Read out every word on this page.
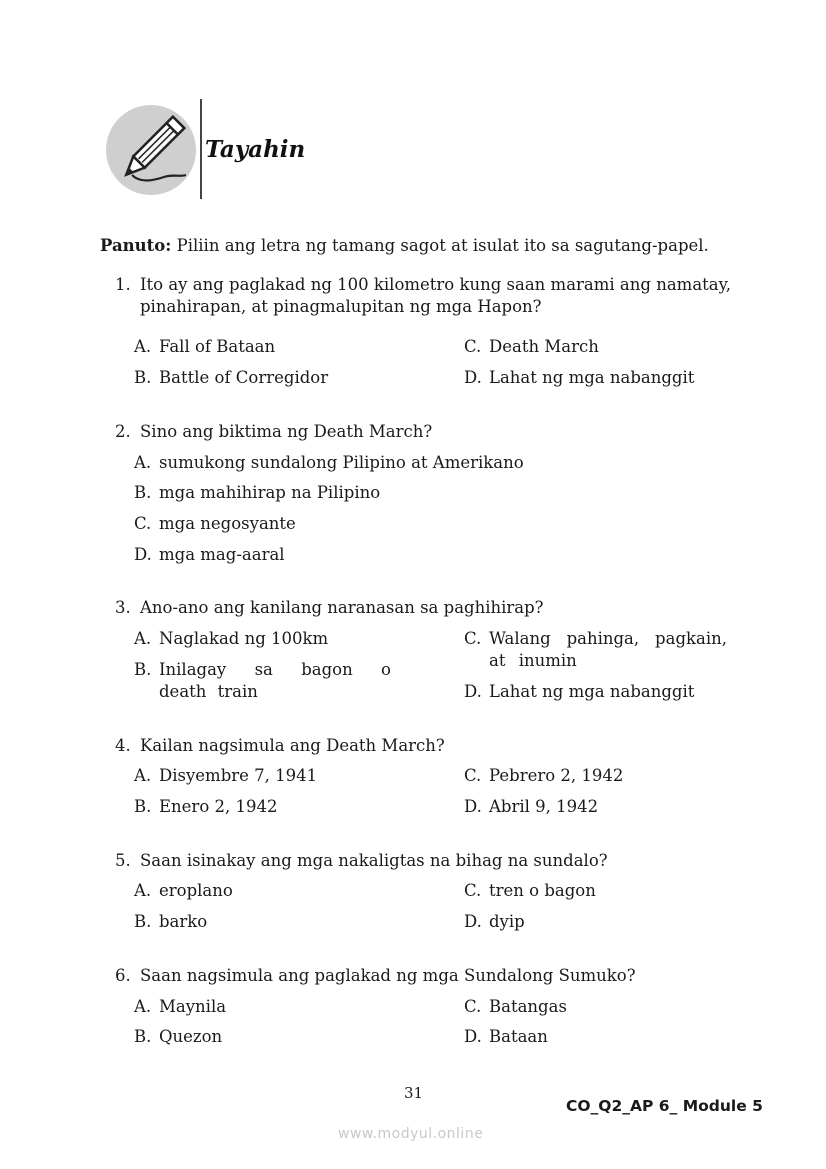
Tayahin
Panuto: Piliin ang letra ng tamang sagot at isulat ito sa sagutang-papel.
1. Ito ay ang paglakad ng 100 kilometro kung saan marami ang namatay,
pinahirapan, at pinagmalupitan ng mga Hapon?
A. Fall of Bataan
B. Battle of Corregidor
C. Death March
D. Lahat ng mga nabanggit
2. Sino ang biktima ng Death March?
A. sumukong sundalong Pilipino at Amerikano
B. mga mahihirap na Pilipino
C. mga negosyante
D. mga mag-aaral
3. Ano-ano ang kanilang naranasan sa paghihirap?
A. Naglakad ng 100km
B. Inilagay sa bagon o death train
C. Walang pahinga, pagkain, at inumin
D. Lahat ng mga nabanggit
4. Kailan nagsimula ang Death March?
A. Disyembre 7, 1941
B. Enero 2, 1942
C. Pebrero 2, 1942
D. Abril 9, 1942
5. Saan isinakay ang mga nakaligtas na bihag na sundalo?
A. eroplano
B. barko
C. tren o bagon
D. dyip
6. Saan nagsimula ang paglakad ng mga Sundalong Sumuko?
A. Maynila
B. Quezon
C. Batangas
D. Bataan
31
CO_Q2_AP 6_ Module 5
www.modyul.online
